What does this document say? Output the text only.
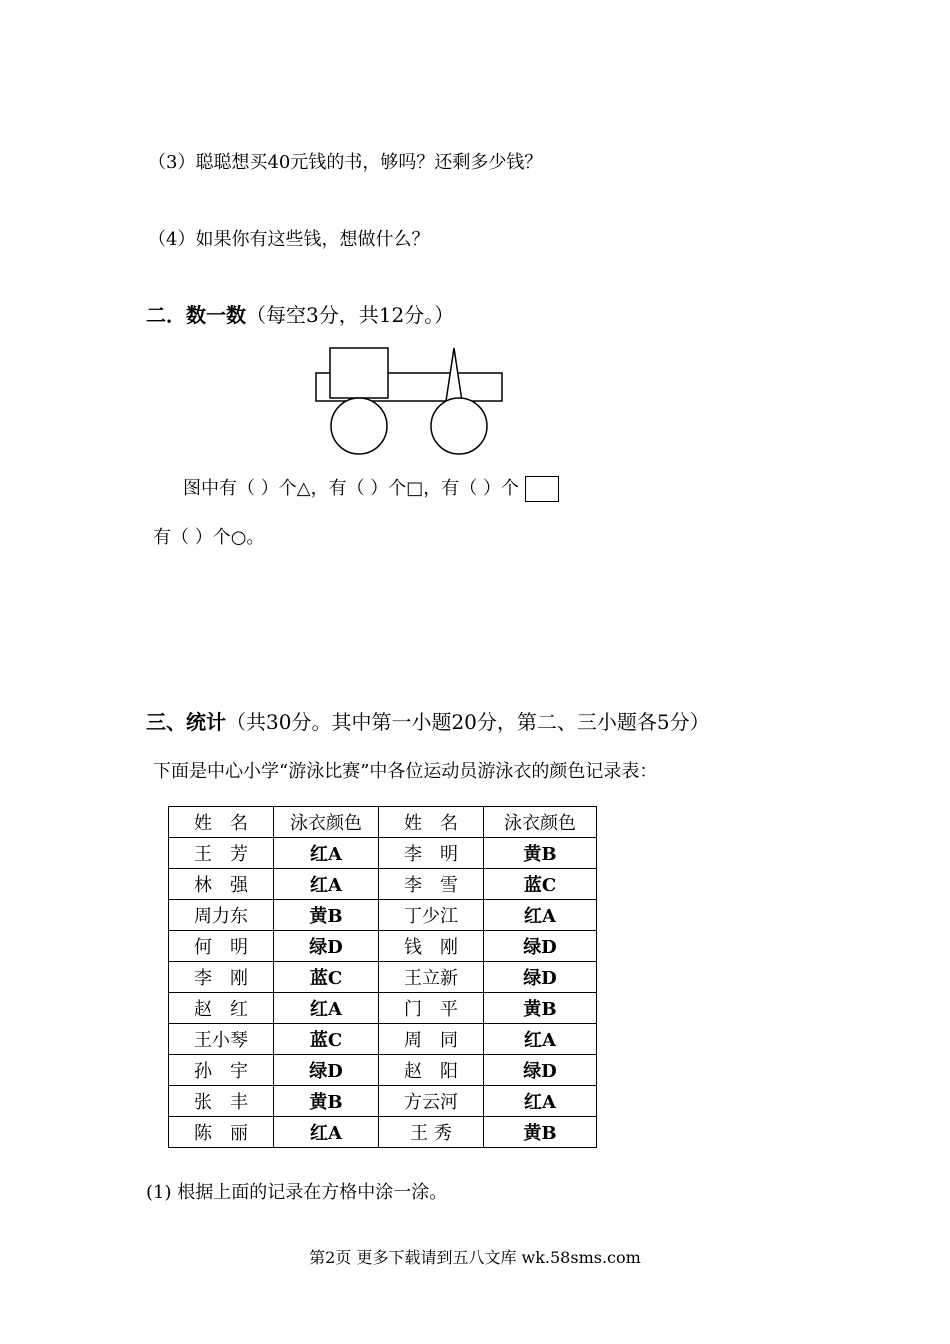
（3）聪聪想买40元钱的书，够吗？还剩多少钱？
（4）如果你有这些钱，想做什么？
二．数一数（每空3分，共12分。）
图中有（ ）个△，有（ ）个□，有（ ）个
有（ ）个○。
三、统计（共30分。其中第一小题20分，第二、三小题各5分）
下面是中心小学“游泳比赛”中各位运动员游泳衣的颜色记录表：
姓　名	泳衣颜色	姓　名	泳衣颜色
王　芳	红A	李　明	黄B
林　强	红A	李　雪	蓝C
周力东	黄B	丁少江	红A
何　明	绿D	钱　刚	绿D
李　刚	蓝C	王立新	绿D
赵　红	红A	门　平	黄B
王小琴	蓝C	周　同	红A
孙　宇	绿D	赵　阳	绿D
张　丰	黄B	方云河	红A
陈　丽	红A	王 秀	黄B
(1) 根据上面的记录在方格中涂一涂。
第2页 更多下载请到五八文库 wk.58sms.com
